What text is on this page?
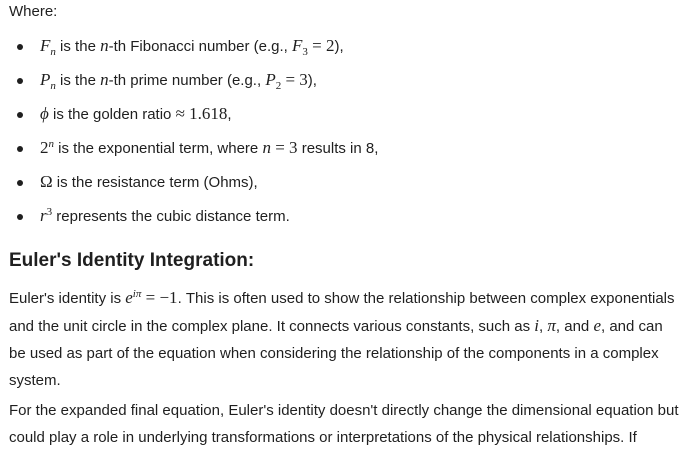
Where:
$F_n$ is the n-th Fibonacci number (e.g., $F_3 = 2$),
$P_n$ is the n-th prime number (e.g., $P_2 = 3$),
ϕ is the golden ratio ≈ 1.618,
2$^n$ is the exponential term, where n = 3 results in 8,
Ω is the resistance term (Ohms),
$r^3$ represents the cubic distance term.
Euler's Identity Integration:

Euler's identity is $e^{i\pi} = -1$. This is often used to show the relationship between complex exponentials and the unit circle in the complex plane. It connects various constants, such as i, π, and e, and can be used as part of the equation when considering the relationship of the components in a complex system.

For the expanded final equation, Euler's identity doesn't directly change the dimensional equation but could play a role in underlying transformations or interpretations of the physical relationships. If
